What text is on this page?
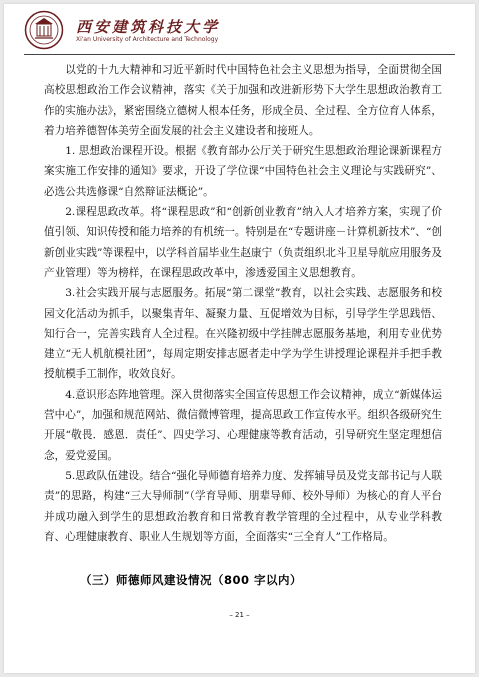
西安建筑科技大学
Xi'an University of Architecture and Technology

以党的十九大精神和习近平新时代中国特色社会主义思想为指导，全面贯彻全国高校思想政治工作会议精神，落实《关于加强和改进新形势下大学生思想政治教育工作的实施办法》，紧密围绕立德树人根本任务，形成全员、全过程、全方位育人体系，着力培养德智体美劳全面发展的社会主义建设者和接班人。

1. 思想政治课程开设。根据《教育部办公厅关于研究生思想政治理论课新课程方案实施工作安排的通知》要求，开设了学位课“中国特色社会主义理论与实践研究”、必选公共选修课“自然辩证法概论”。

2.课程思政改革。将“课程思政”和“创新创业教育”纳入人才培养方案，实现了价值引领、知识传授和能力培养的有机统一。特别是在“专题讲座－计算机新技术”、“创新创业实践”等课程中，以学科首届毕业生赵康宁（负责组织北斗卫星导航应用服务及产业管理）等为榜样，在课程思政改革中，渗透爱国主义思想教育。

3.社会实践开展与志愿服务。拓展“第二课堂”教育，以社会实践、志愿服务和校园文化活动为抓手，以聚集青年、凝聚力量、互促增效为目标，引导学生学思践悟、知行合一，完善实践育人全过程。在兴隆初级中学挂牌志愿服务基地，利用专业优势建立“无人机航模社团”，每周定期安排志愿者走中学为学生讲授理论课程并手把手教授航模手工制作，收效良好。

4.意识形态阵地管理。深入贯彻落实全国宣传思想工作会议精神，成立“新媒体运营中心”，加强和规范网站、微信微博管理，提高思政工作宣传水平。组织各级研究生开展“敬畏．感恩．责任”、四史学习、心理健康等教育活动，引导研究生坚定理想信念，爱党爱国。

5.思政队伍建设。结合“强化导师德育培养力度、发挥辅导员及党支部书记与人联责”的思路，构建“三大导师制”（学育导师、朋辈导师、校外导师）为核心的育人平台并成功融入到学生的思想政治教育和日常教育教学管理的全过程中，从专业学科教育、心理健康教育、职业人生规划等方面，全面落实“三全育人”工作格局。

（三）师德师风建设情况（800 字以内）
– 21 –
